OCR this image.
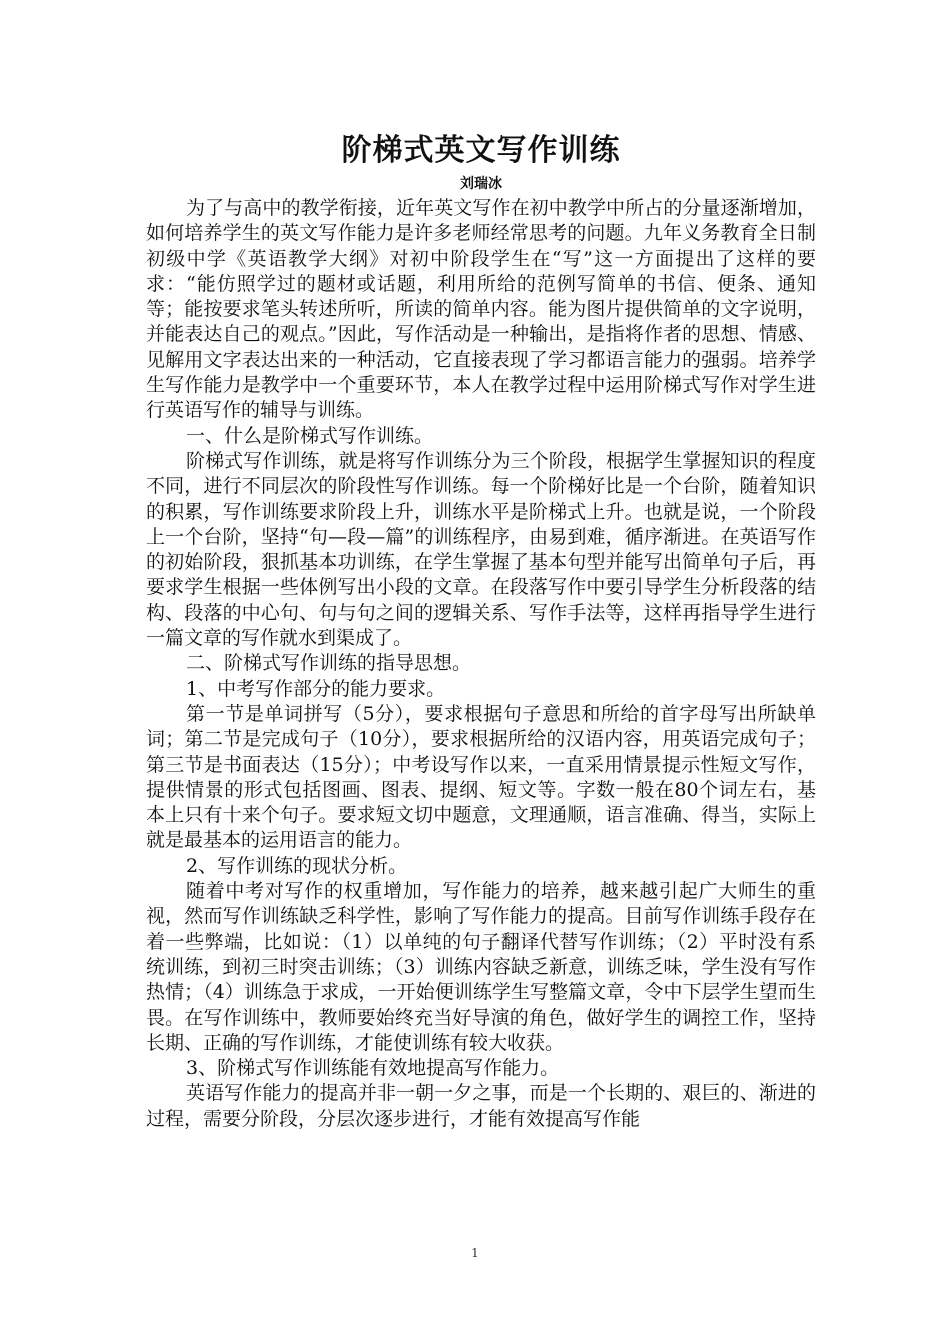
阶梯式英文写作训练
刘瑞冰

为了与高中的教学衔接，近年英文写作在初中教学中所占的分量逐渐增加，如何培养学生的英文写作能力是许多老师经常思考的问题。九年义务教育全日制初级中学《英语教学大纲》对初中阶段学生在“写”这一方面提出了这样的要求：“能仿照学过的题材或话题，利用所给的范例写简单的书信、便条、通知等；能按要求笔头转述所听，所读的简单内容。能为图片提供简单的文字说明，并能表达自己的观点。”因此，写作活动是一种输出，是指将作者的思想、情感、见解用文字表达出来的一种活动，它直接表现了学习都语言能力的强弱。培养学生写作能力是教学中一个重要环节，本人在教学过程中运用阶梯式写作对学生进行英语写作的辅导与训练。

一、什么是阶梯式写作训练。

阶梯式写作训练，就是将写作训练分为三个阶段，根据学生掌握知识的程度不同，进行不同层次的阶段性写作训练。每一个阶梯好比是一个台阶，随着知识的积累，写作训练要求阶段上升，训练水平是阶梯式上升。也就是说，一个阶段上一个台阶，坚持“句—段—篇”的训练程序，由易到难，循序渐进。在英语写作的初始阶段，狠抓基本功训练，在学生掌握了基本句型并能写出简单句子后，再要求学生根据一些体例写出小段的文章。在段落写作中要引导学生分析段落的结构、段落的中心句、句与句之间的逻辑关系、写作手法等，这样再指导学生进行一篇文章的写作就水到渠成了。

二、阶梯式写作训练的指导思想。

1、中考写作部分的能力要求。

第一节是单词拼写（5分），要求根据句子意思和所给的首字母写出所缺单词；第二节是完成句子（10分），要求根据所给的汉语内容，用英语完成句子；第三节是书面表达（15分）；中考设写作以来，一直采用情景提示性短文写作，提供情景的形式包括图画、图表、提纲、短文等。字数一般在80个词左右，基本上只有十来个句子。要求短文切中题意，文理通顺，语言准确、得当，实际上就是最基本的运用语言的能力。

2、写作训练的现状分析。

随着中考对写作的权重增加，写作能力的培养，越来越引起广大师生的重视，然而写作训练缺乏科学性，影响了写作能力的提高。目前写作训练手段存在着一些弊端，比如说：（1）以单纯的句子翻译代替写作训练；（2）平时没有系统训练，到初三时突击训练；（3）训练内容缺乏新意，训练乏味，学生没有写作热情；（4）训练急于求成，一开始便训练学生写整篇文章，令中下层学生望而生畏。在写作训练中，教师要始终充当好导演的角色，做好学生的调控工作，坚持长期、正确的写作训练，才能使训练有较大收获。

3、阶梯式写作训练能有效地提高写作能力。

英语写作能力的提高并非一朝一夕之事，而是一个长期的、艰巨的、渐进的过程，需要分阶段，分层次逐步进行，才能有效提高写作能

1
